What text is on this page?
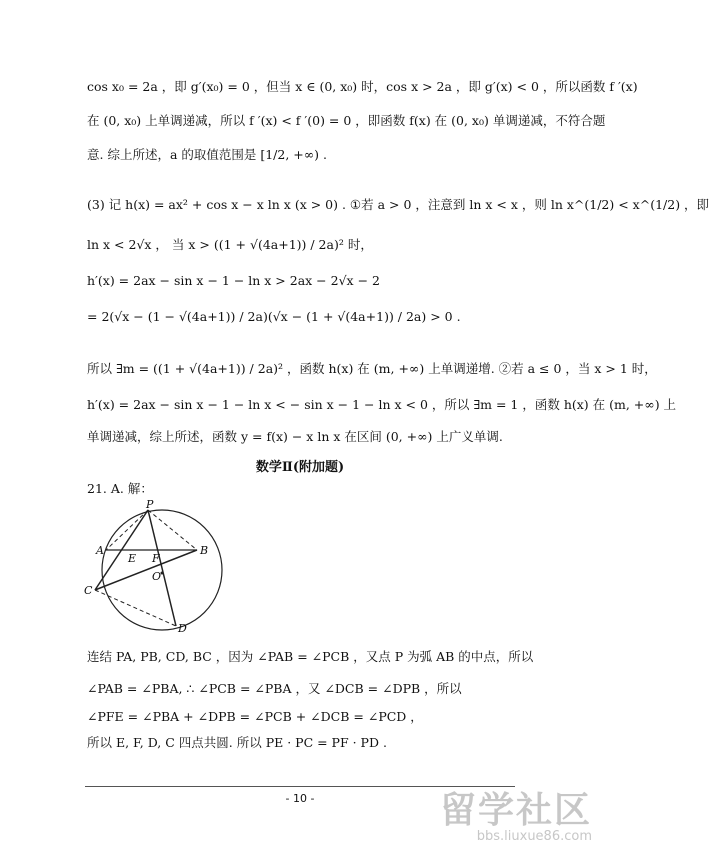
cos x₀ = 2a ，即 g′(x₀) = 0 ，但当 x ∈ (0, x₀) 时，cos x > 2a ，即 g′(x) < 0 ，所以函数 f ′(x)
在 (0, x₀) 上单调递减，所以 f ′(x) < f ′(0) = 0 ，即函数 f(x) 在 (0, x₀) 单调递减，不符合题
意. 综上所述，a 的取值范围是 [1/2, +∞) .
(3) 记 h(x) = ax² + cos x − x ln x (x > 0) . ①若 a > 0 ，注意到 ln x < x ，则 ln x^(1/2) < x^(1/2) ，即
ln x < 2√x ， 当 x > ((1 + √(4a+1)) / 2a)² 时，
h′(x) = 2ax − sin x − 1 − ln x > 2ax − 2√x − 2
= 2(√x − (1 − √(4a+1)) / 2a)(√x − (1 + √(4a+1)) / 2a) > 0 .
所以 ∃m = ((1 + √(4a+1)) / 2a)² ，函数 h(x) 在 (m, +∞) 上单调递增. ②若 a ≤ 0 ，当 x > 1 时，
h′(x) = 2ax − sin x − 1 − ln x < − sin x − 1 − ln x < 0 ，所以 ∃m = 1 ，函数 h(x) 在 (m, +∞) 上
单调递减，综上所述，函数 y = f(x) − x ln x 在区间 (0, +∞) 上广义单调.
数学Ⅱ(附加题)
21. A. 解：
P
A	B
E F
O
C
D
连结 PA, PB, CD, BC ，因为 ∠PAB = ∠PCB ，又点 P 为弧 AB 的中点，所以
∠PAB = ∠PBA, ∴ ∠PCB = ∠PBA ，又 ∠DCB = ∠DPB ，所以
∠PFE = ∠PBA + ∠DPB = ∠PCB + ∠DCB = ∠PCD ，
所以 E, F, D, C 四点共圆. 所以 PE · PC = PF · PD .
- 10 -	留学社区
bbs.liuxue86.com
